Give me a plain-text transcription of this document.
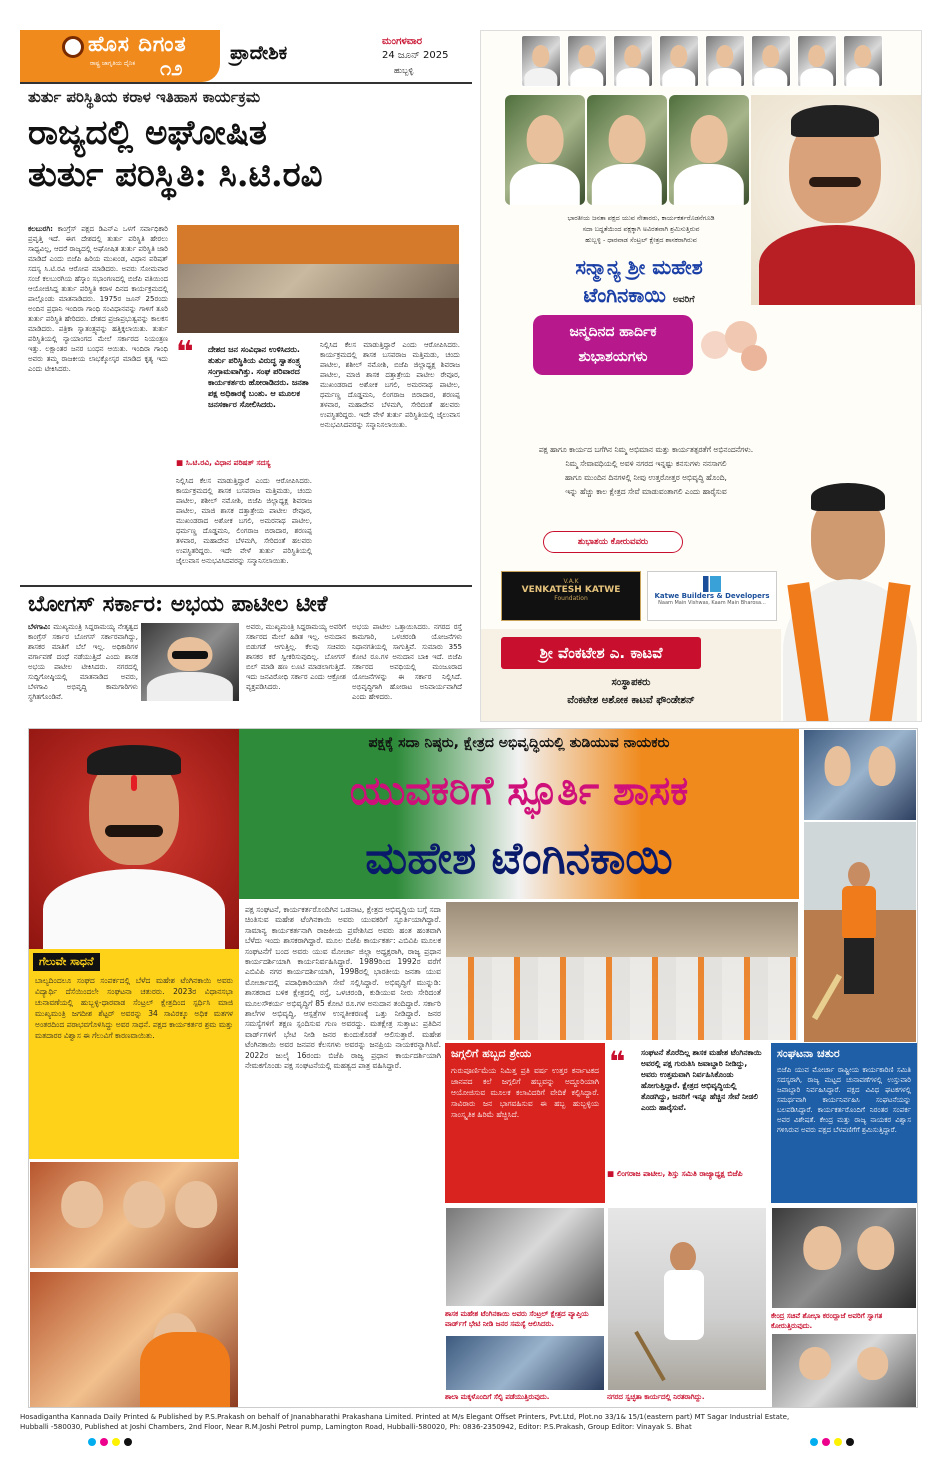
ಹೊಸ ದಿಗಂತ
ರಾಷ್ಟ್ರ ಜಾಗೃತಿಯ ದೈನಿಕ ೧೨
ಪ್ರಾದೇಶಿಕ
ಮಂಗಳವಾರ
24 ಜೂನ್ 2025
ಹುಬ್ಬಳ್ಳಿ
ತುರ್ತು ಪರಿಸ್ಥಿತಿಯ ಕರಾಳ ಇತಿಹಾಸ ಕಾರ್ಯಕ್ರಮ
ರಾಜ್ಯದಲ್ಲಿ ಅಘೋಷಿತ
ತುರ್ತು ಪರಿಸ್ಥಿತಿ: ಸಿ.ಟಿ.ರವಿ
ಕಲಬುರಗಿ: ಕಾಂಗ್ರೆಸ್ ಪಕ್ಷದ ಡಿಎನ್‌ಎ ಒಳಗೆ ಸರ್ವಾಧಿಕಾರಿ ಪ್ರವೃತ್ತಿ ಇದೆ. ಈಗ ದೇಶದಲ್ಲಿ ತುರ್ತು ಪರಿಸ್ಥಿತಿ ಹೇರಲು ಸಾಧ್ಯವಿಲ್ಲ, ಆದರೆ ರಾಜ್ಯದಲ್ಲಿ ಅಘೋಷಿತ ತುರ್ತು ಪರಿಸ್ಥಿತಿ ಜಾರಿ ಮಾಡಿದೆ ಎಂದು ಬಿಜೆಪಿ ಹಿರಿಯ ಮುಖಂಡ, ವಿಧಾನ ಪರಿಷತ್ ಸದಸ್ಯ ಸಿ.ಟಿ.ರವಿ ಆರೋಪ ಮಾಡಿದರು. ಅವರು ಸೋಮವಾರ ಸಂಜೆ ಕಲಬುರಗಿಯ ಹೆಸ್ಕಾಂ ಸಭಾಂಗಣದಲ್ಲಿ ಬಿಜೆಪಿ ವತಿಯಿಂದ ಆಯೋಜಿಸಿದ್ದ ತುರ್ತು ಪರಿಸ್ಥಿತಿ ಕರಾಳ ದಿನದ ಕಾರ್ಯಕ್ರಮದಲ್ಲಿ ಪಾಲ್ಗೊಂಡು ಮಾತನಾಡಿದರು. 1975ರ ಜೂನ್ 25ರಂದು ಅಂದಿನ ಪ್ರಧಾನಿ ಇಂದಿರಾ ಗಾಂಧಿ ಸಂವಿಧಾನವನ್ನು ಗಾಳಿಗೆ ತೂರಿ ತುರ್ತು ಪರಿಸ್ಥಿತಿ ಹೇರಿದರು. ದೇಶದ ಪ್ರಜಾಪ್ರಭುತ್ವವನ್ನು ಕಾಲಕಸ ಮಾಡಿದರು. ಪತ್ರಿಕಾ ಸ್ವಾತಂತ್ರ್ಯವನ್ನು ಹತ್ತಿಕ್ಕಲಾಯಿತು. ತುರ್ತು ಪರಿಸ್ಥಿತಿಯಲ್ಲಿ ನ್ಯಾಯಾಂಗದ ಮೇಲೆ ಸರ್ಕಾರದ ನಿಯಂತ್ರಣ ಇತ್ತು. ಲಕ್ಷಾಂತರ ಜನರ ಬಂಧನ ಆಯಿತು. ಇಂದಿರಾ ಗಾಂಧಿ ಅವರು ತಮ್ಮ ರಾಜಕೀಯ ಲಾಭಕ್ಕೋಸ್ಕರ ಮಾಡಿದ ಕೃತ್ಯ ಇದು ಎಂದು ಟೀಕಿಸಿದರು.	❝	ದೇಶದ ಜನ ಸಂವಿಧಾನ ಉಳಿಸಿದರು. ತುರ್ತು ಪರಿಸ್ಥಿತಿಯ ವಿರುದ್ಧ ಸ್ವಾತಂತ್ರ್ಯ ಸಂಗ್ರಾಮವಾಗಿತ್ತು. ಸಂಘ ಪರಿವಾರದ ಕಾರ್ಯಕರ್ತರು ಹೋರಾಡಿದರು. ಜನತಾ ಪಕ್ಷ ಅಧಿಕಾರಕ್ಕೆ ಬಂತು. ಆ ಮೂಲಕ ಜನಸರ್ಕಾರ ಸೋಲಿಸಿದರು.
■ ಸಿ.ಟಿ.ರವಿ, ವಿಧಾನ ಪರಿಷತ್ ಸದಸ್ಯ
ನಿಲ್ಲಿಸಿದ ಕೆಲಸ ಮಾಡುತ್ತಿದ್ದಾರೆ ಎಂದು ಆರೋಪಿಸಿದರು. ಕಾರ್ಯಕ್ರಮದಲ್ಲಿ ಶಾಸಕ ಬಸವರಾಜ ಮತ್ತಿಮಡು, ಚಂದು ಪಾಟೀಲ, ಶಶೀಲ್ ನಮೋಶಿ, ಬಿಜೆಪಿ ಜಿಲ್ಲಾಧ್ಯಕ್ಷ ಶಿವರಾಜ ಪಾಟೀಲ, ಮಾಜಿ ಶಾಸಕ ದತ್ತಾತ್ರೇಯ ಪಾಟೀಲ ರೇವೂರ, ಮುಖಂಡರಾದ ಅಶೋಕ ಬಗಲಿ, ಅಮರನಾಥ ಪಾಟೀಲ, ಧರ್ಮಣ್ಣ ದೊಡ್ಡಮನಿ, ಲಿಂಗರಾಜ ಬಿರಾದಾರ, ಶರಣಪ್ಪ ತಳವಾರ, ಮಹಾದೇವ ಬೆಳಮಗಿ, ಸೇರಿದಂತೆ ಹಲವರು ಉಪಸ್ಥಿತರಿದ್ದರು. ಇದೇ ವೇಳೆ ತುರ್ತು ಪರಿಸ್ಥಿತಿಯಲ್ಲಿ ಜೈಲುವಾಸ ಅನುಭವಿಸಿದವರನ್ನು ಸನ್ಮಾನಿಸಲಾಯಿತು.
ನಿಲ್ಲಿಸಿದ ಕೆಲಸ ಮಾಡುತ್ತಿದ್ದಾರೆ ಎಂದು ಆರೋಪಿಸಿದರು. ಕಾರ್ಯಕ್ರಮದಲ್ಲಿ ಶಾಸಕ ಬಸವರಾಜ ಮತ್ತಿಮಡು, ಚಂದು ಪಾಟೀಲ, ಶಶೀಲ್ ನಮೋಶಿ, ಬಿಜೆಪಿ ಜಿಲ್ಲಾಧ್ಯಕ್ಷ ಶಿವರಾಜ ಪಾಟೀಲ, ಮಾಜಿ ಶಾಸಕ ದತ್ತಾತ್ರೇಯ ಪಾಟೀಲ ರೇವೂರ, ಮುಖಂಡರಾದ ಅಶೋಕ ಬಗಲಿ, ಅಮರನಾಥ ಪಾಟೀಲ, ಧರ್ಮಣ್ಣ ದೊಡ್ಡಮನಿ, ಲಿಂಗರಾಜ ಬಿರಾದಾರ, ಶರಣಪ್ಪ ತಳವಾರ, ಮಹಾದೇವ ಬೆಳಮಗಿ, ಸೇರಿದಂತೆ ಹಲವರು ಉಪಸ್ಥಿತರಿದ್ದರು. ಇದೇ ವೇಳೆ ತುರ್ತು ಪರಿಸ್ಥಿತಿಯಲ್ಲಿ ಜೈಲುವಾಸ ಅನುಭವಿಸಿದವರನ್ನು ಸನ್ಮಾನಿಸಲಾಯಿತು.
ಬೋಗಸ್ ಸರ್ಕಾರ: ಅಭಯ ಪಾಟೀಲ ಟೀಕೆ
ಬೆಳಗಾವಿ: ಮುಖ್ಯಮಂತ್ರಿ ಸಿದ್ದರಾಮಯ್ಯ ನೇತೃತ್ವದ ಕಾಂಗ್ರೆಸ್ ಸರ್ಕಾರ ಬೋಗಸ್ ಸರ್ಕಾರವಾಗಿದ್ದು, ಶಾಸಕರ ಮಾತಿಗೆ ಬೆಲೆ ಇಲ್ಲ. ಅಧಿಕಾರಿಗಳ ವರ್ಗಾವಣೆ ದಂಧೆ ನಡೆಯುತ್ತಿದೆ ಎಂದು ಶಾಸಕ ಅಭಯ ಪಾಟೀಲ ಟೀಕಿಸಿದರು. ನಗರದಲ್ಲಿ ಸುದ್ದಿಗೋಷ್ಠಿಯಲ್ಲಿ ಮಾತನಾಡಿದ ಅವರು, ಬೆಳಗಾವಿ ಅಭಿವೃದ್ಧಿ ಕಾಮಗಾರಿಗಳು ಸ್ಥಗಿತಗೊಂಡಿವೆ.
ಅವರು, ಮುಖ್ಯಮಂತ್ರಿ ಸಿದ್ದರಾಮಯ್ಯ ಅವರಿಗೆ ಸರ್ಕಾರದ ಮೇಲೆ ಹಿಡಿತ ಇಲ್ಲ. ಅನುದಾನ ಬಿಡುಗಡೆ ಆಗುತ್ತಿಲ್ಲ. ಕೆಲವು ಸಚಿವರು ಶಾಸಕರ ಕರೆ ಸ್ವೀಕರಿಸುವುದಿಲ್ಲ. ಬೋಗಸ್ ಬಿಲ್ ಮಾಡಿ ಹಣ ಲೂಟಿ ಮಾಡಲಾಗುತ್ತಿದೆ. ಇದು ಜನವಿರೋಧಿ ಸರ್ಕಾರ ಎಂದು ಆಕ್ರೋಶ ವ್ಯಕ್ತಪಡಿಸಿದರು.
ಅಭಯ ಪಾಟೀಲ ಒತ್ತಾಯಿಸಿದರು. ನಗರದ ರಸ್ತೆ ಕಾಮಗಾರಿ, ಒಳಚರಂಡಿ ಯೋಜನೆಗಳು ನಿಧಾನಗತಿಯಲ್ಲಿ ಸಾಗುತ್ತಿವೆ. ಸುಮಾರು 355 ಕೋಟಿ ರೂ.ಗಳ ಅನುದಾನ ಬಾಕಿ ಇದೆ. ಬಿಜೆಪಿ ಸರ್ಕಾರದ ಅವಧಿಯಲ್ಲಿ ಮಂಜೂರಾದ ಯೋಜನೆಗಳನ್ನು ಈ ಸರ್ಕಾರ ನಿಲ್ಲಿಸಿದೆ. ಅಭಿವೃದ್ಧಿಗಾಗಿ ಹೋರಾಟ ಅನಿವಾರ್ಯವಾಗಿದೆ ಎಂದು ಹೇಳಿದರು.
ಭಾರತೀಯ ಜನತಾ ಪಕ್ಷದ ಯುವ ನೇತಾರರು, ಕಾರ್ಯಕರ್ತರೊಡನೆಗೂಡಿ
ಸದಾ ಬದ್ಧತೆಯಿಂದ ಪಕ್ಷಕ್ಕಾಗಿ ಅವಿರತವಾಗಿ ಶ್ರಮಿಸುತ್ತಿರುವ
ಹುಬ್ಬಳ್ಳಿ - ಧಾರವಾಡ ಸೆಂಟ್ರಲ್ ಕ್ಷೇತ್ರದ ಶಾಸಕರಾಗಿರುವ
ಸನ್ಮಾನ್ಯ ಶ್ರೀ ಮಹೇಶ
ಟೆಂಗಿನಕಾಯಿ ಅವರಿಗೆ
ಜನ್ಮದಿನದ ಹಾರ್ದಿಕ
ಶುಭಾಶಯಗಳು
ಪಕ್ಷ ಹಾಗೂ ಕಾರ್ಯದ ಬಗೆಗಿನ ನಿಮ್ಮ ಅಭಿಮಾನ ಮತ್ತು ಕಾರ್ಯತತ್ಪರತೆಗೆ ಅಭಿನಂದನೆಗಳು.
ನಿಮ್ಮ ಸೇವಾವಧಿಯಲ್ಲಿ ಅವಳಿ ನಗರದ ಇನ್ನಷ್ಟು ಕನಸುಗಳು ನನಸಾಗಲಿ
ಹಾಗೂ ಮುಂದಿನ ದಿನಗಳಲ್ಲಿ ನೀವು ಉತ್ತರೋತ್ತರ ಅಭಿವೃದ್ಧಿ ಹೊಂದಿ,
ಇನ್ನು ಹೆಚ್ಚು ಕಾಲ ಕ್ಷೇತ್ರದ ಸೇವೆ ಮಾಡುವಂತಾಗಲಿ ಎಂದು ಹಾರೈಸುವ
ಶುಭಾಶಯ ಕೋರುವವರು
V.A.K
VENKATESH KATWE
Foundation	Katwe Builders & Developers
Naam Main Vishwas, Kaam Main Bharosa...
ಶ್ರೀ ವೆಂಕಟೇಶ ಎ. ಕಾಟವೆ
ಸಂಸ್ಥಾಪಕರು
ವೆಂಕಟೇಶ ಅಶೋಕ ಕಾಟವೆ ಫೌಂಡೇಶನ್
ಪಕ್ಷಕ್ಕೆ ಸದಾ ನಿಷ್ಠರು, ಕ್ಷೇತ್ರದ ಅಭಿವೃದ್ಧಿಯಲ್ಲಿ ತುಡಿಯುವ ನಾಯಕರು
ಯುವಕರಿಗೆ ಸ್ಫೂರ್ತಿ ಶಾಸಕ
ಮಹೇಶ ಟೆಂಗಿನಕಾಯಿ
ಗೆಲುವೇ ಸಾಧನೆ
ಬಾಲ್ಯದಿಂದಲೂ ಸಂಘದ ಸಂಪರ್ಕದಲ್ಲಿ ಬೆಳೆದ ಮಹೇಶ ಟೆಂಗಿನಕಾಯಿ ಅವರು ವಿದ್ಯಾರ್ಥಿ ದೆಸೆಯಿಂದಲೇ ಸಂಘಟನಾ ಚತುರರು. 2023ರ ವಿಧಾನಸಭಾ ಚುನಾವಣೆಯಲ್ಲಿ ಹುಬ್ಬಳ್ಳಿ-ಧಾರವಾಡ ಸೆಂಟ್ರಲ್ ಕ್ಷೇತ್ರದಿಂದ ಸ್ಪರ್ಧಿಸಿ ಮಾಜಿ ಮುಖ್ಯಮಂತ್ರಿ ಜಗದೀಶ ಶೆಟ್ಟರ್ ಅವರನ್ನು 34 ಸಾವಿರಕ್ಕೂ ಅಧಿಕ ಮತಗಳ ಅಂತರದಿಂದ ಪರಾಭವಗೊಳಿಸಿದ್ದು ಅವರ ಸಾಧನೆ. ಪಕ್ಷದ ಕಾರ್ಯಕರ್ತರ ಶ್ರಮ ಮತ್ತು ಮತದಾರರ ವಿಶ್ವಾಸ ಈ ಗೆಲುವಿಗೆ ಕಾರಣವಾಯಿತು.
ಪಕ್ಷ ಸಂಘಟನೆ, ಕಾರ್ಯಕರ್ತರೊಂದಿಗಿನ ಒಡನಾಟ, ಕ್ಷೇತ್ರದ ಅಭಿವೃದ್ಧಿಯ ಬಗ್ಗೆ ಸದಾ ಚಿಂತಿಸುವ ಮಹೇಶ ಟೆಂಗಿನಕಾಯಿ ಅವರು ಯುವಕರಿಗೆ ಸ್ಫೂರ್ತಿಯಾಗಿದ್ದಾರೆ. ಸಾಮಾನ್ಯ ಕಾರ್ಯಕರ್ತನಾಗಿ ರಾಜಕೀಯ ಪ್ರವೇಶಿಸಿದ ಅವರು ಹಂತ ಹಂತವಾಗಿ ಬೆಳೆದು ಇಂದು ಶಾಸಕರಾಗಿದ್ದಾರೆ. ಮೂಲ ಬಿಜೆಪಿ ಕಾರ್ಯಕರ್ತ: ಎಬಿವಿಪಿ ಮೂಲಕ ಸಂಘಟನೆಗೆ ಬಂದ ಅವರು ಯುವ ಮೋರ್ಚಾ ಜಿಲ್ಲಾ ಅಧ್ಯಕ್ಷರಾಗಿ, ರಾಜ್ಯ ಪ್ರಧಾನ ಕಾರ್ಯದರ್ಶಿಯಾಗಿ ಕಾರ್ಯನಿರ್ವಹಿಸಿದ್ದಾರೆ. 1989ರಿಂದ 1992ರ ವರೆಗೆ ಎಬಿವಿಪಿ ನಗರ ಕಾರ್ಯದರ್ಶಿಯಾಗಿ, 1998ರಲ್ಲಿ ಭಾರತೀಯ ಜನತಾ ಯುವ ಮೋರ್ಚಾದಲ್ಲಿ ಪದಾಧಿಕಾರಿಯಾಗಿ ಸೇವೆ ಸಲ್ಲಿಸಿದ್ದಾರೆ. ಅಭಿವೃದ್ಧಿಗೆ ಮುನ್ನುಡಿ: ಶಾಸಕರಾದ ಬಳಿಕ ಕ್ಷೇತ್ರದಲ್ಲಿ ರಸ್ತೆ, ಒಳಚರಂಡಿ, ಕುಡಿಯುವ ನೀರು ಸೇರಿದಂತೆ ಮೂಲಸೌಕರ್ಯ ಅಭಿವೃದ್ಧಿಗೆ 85 ಕೋಟಿ ರೂ.ಗಳ ಅನುದಾನ ತಂದಿದ್ದಾರೆ. ಸರ್ಕಾರಿ ಶಾಲೆಗಳ ಅಭಿವೃದ್ಧಿ, ಆಸ್ಪತ್ರೆಗಳ ಉನ್ನತೀಕರಣಕ್ಕೆ ಒತ್ತು ನೀಡಿದ್ದಾರೆ. ಜನರ ಸಮಸ್ಯೆಗಳಿಗೆ ತಕ್ಷಣ ಸ್ಪಂದಿಸುವ ಗುಣ ಅವರದ್ದು. ಮತಕ್ಷೇತ್ರ ಸುತ್ತಾಟ: ಪ್ರತಿದಿನ ವಾರ್ಡ್‌ಗಳಿಗೆ ಭೇಟಿ ನೀಡಿ ಜನರ ಕುಂದುಕೊರತೆ ಆಲಿಸುತ್ತಾರೆ. ಮಹೇಶ ಟೆಂಗಿನಕಾಯಿ ಅವರ ಜನಪರ ಕೆಲಸಗಳು ಅವರನ್ನು ಜನಪ್ರಿಯ ನಾಯಕರನ್ನಾಗಿಸಿವೆ. 2022ರ ಜುಲೈ 16ರಂದು ಬಿಜೆಪಿ ರಾಜ್ಯ ಪ್ರಧಾನ ಕಾರ್ಯದರ್ಶಿಯಾಗಿ ನೇಮಕಗೊಂಡು ಪಕ್ಷ ಸಂಘಟನೆಯಲ್ಲಿ ಮಹತ್ವದ ಪಾತ್ರ ವಹಿಸಿದ್ದಾರೆ.
ಜಗ್ಗಲಿಗೆ ಹಬ್ಬದ ಶ್ರೇಯ
ಗುರುಪೂರ್ಣಿಮೆಯ ನಿಮಿತ್ತ ಪ್ರತಿ ವರ್ಷ ಉತ್ತರ ಕರ್ನಾಟಕದ ಜಾನಪದ ಕಲೆ ಜಗ್ಗಲಿಗೆ ಹಬ್ಬವನ್ನು ಅದ್ದೂರಿಯಾಗಿ ಆಯೋಜಿಸುವ ಮೂಲಕ ಕಲಾವಿದರಿಗೆ ವೇದಿಕೆ ಕಲ್ಪಿಸಿದ್ದಾರೆ. ಸಾವಿರಾರು ಜನ ಭಾಗವಹಿಸುವ ಈ ಹಬ್ಬ ಹುಬ್ಬಳ್ಳಿಯ ಸಾಂಸ್ಕೃತಿಕ ಹಿರಿಮೆ ಹೆಚ್ಚಿಸಿದೆ.
❝	ಸಂಘಟನೆ ತೊರೆದಿಲ್ಲ ಶಾಸಕ ಮಹೇಶ ಟೆಂಗಿನಕಾಯಿ ಅವರಲ್ಲಿ ಪಕ್ಷ ಗುರುತಿಸಿ ಜವಾಬ್ದಾರಿ ನೀಡಿದ್ದು, ಅವರು ಉತ್ತಮವಾಗಿ ನಿರ್ವಹಿಸಿಕೊಂಡು ಹೋಗುತ್ತಿದ್ದಾರೆ. ಕ್ಷೇತ್ರದ ಅಭಿವೃದ್ಧಿಯಲ್ಲಿ ತೊಡಗಿದ್ದು, ಜನರಿಗೆ ಇನ್ನೂ ಹೆಚ್ಚಿನ ಸೇವೆ ನೀಡಲಿ ಎಂದು ಹಾರೈಸುವೆ.
■ ಲಿಂಗರಾಜ ಪಾಟೀಲ, ಶಿಸ್ತು ಸಮಿತಿ ರಾಜ್ಯಾಧ್ಯಕ್ಷ ಬಿಜೆಪಿ
ಸಂಘಟನಾ ಚತುರ
ಬಿಜೆಪಿ ಯುವ ಮೋರ್ಚಾ ರಾಷ್ಟ್ರೀಯ ಕಾರ್ಯಕಾರಿಣಿ ಸಮಿತಿ ಸದಸ್ಯರಾಗಿ, ರಾಜ್ಯ ಮಟ್ಟದ ಚುನಾವಣೆಗಳಲ್ಲಿ ಉಸ್ತುವಾರಿ ಜವಾಬ್ದಾರಿ ನಿರ್ವಹಿಸಿದ್ದಾರೆ. ಪಕ್ಷದ ವಿವಿಧ ಘಟಕಗಳಲ್ಲಿ ಸಮರ್ಥವಾಗಿ ಕಾರ್ಯನಿರ್ವಹಿಸಿ ಸಂಘಟನೆಯನ್ನು ಬಲಪಡಿಸಿದ್ದಾರೆ. ಕಾರ್ಯಕರ್ತರೊಂದಿಗೆ ನಿರಂತರ ಸಂಪರ್ಕ ಅವರ ವಿಶೇಷತೆ. ಕೇಂದ್ರ ಮತ್ತು ರಾಜ್ಯ ನಾಯಕರ ವಿಶ್ವಾಸ ಗಳಿಸಿರುವ ಅವರು ಪಕ್ಷದ ಬೆಳವಣಿಗೆಗೆ ಶ್ರಮಿಸುತ್ತಿದ್ದಾರೆ.
ಶಾಸಕ ಮಹೇಶ ಟೆಂಗಿನಕಾಯಿ ಅವರು ಸೆಂಟ್ರಲ್ ಕ್ಷೇತ್ರದ ವ್ಯಾಪ್ತಿಯ ವಾರ್ಡ್‌ಗೆ ಭೇಟಿ ನೀಡಿ ಜನರ ಸಮಸ್ಯೆ ಆಲಿಸಿದರು.
ಶಾಲಾ ಮಕ್ಕಳೊಂದಿಗೆ ಸೆಲ್ಫಿ ಪಡೆಯುತ್ತಿರುವುದು.	ನಗರದ ಸ್ವಚ್ಛತಾ ಕಾರ್ಯದಲ್ಲಿ ನಿರತರಾಗಿದ್ದು.
ಕೇಂದ್ರ ಸಚಿವೆ ಶೋಭಾ ಕರಂದ್ಲಾಜೆ ಅವರಿಗೆ ಸ್ವಾಗತ ಕೋರುತ್ತಿರುವುದು.
Hosadigantha Kannada Daily Printed & Published by P.S.Prakash on behalf of Jnanabharathi Prakashana Limited. Printed at M/s Elegant Offset Printers, Pvt.Ltd, Plot.no 33/1& 15/1(eastern part) MT Sagar Industrial Estate,
Hubballi -580030, Published at Joshi Chambers, 2nd Floor, Near R.M.Joshi Petrol pump, Lamington Road, Hubballi-580020, Ph: 0836-2350942, Editor: P.S.Prakash, Group Editor: Vinayak S. Bhat
